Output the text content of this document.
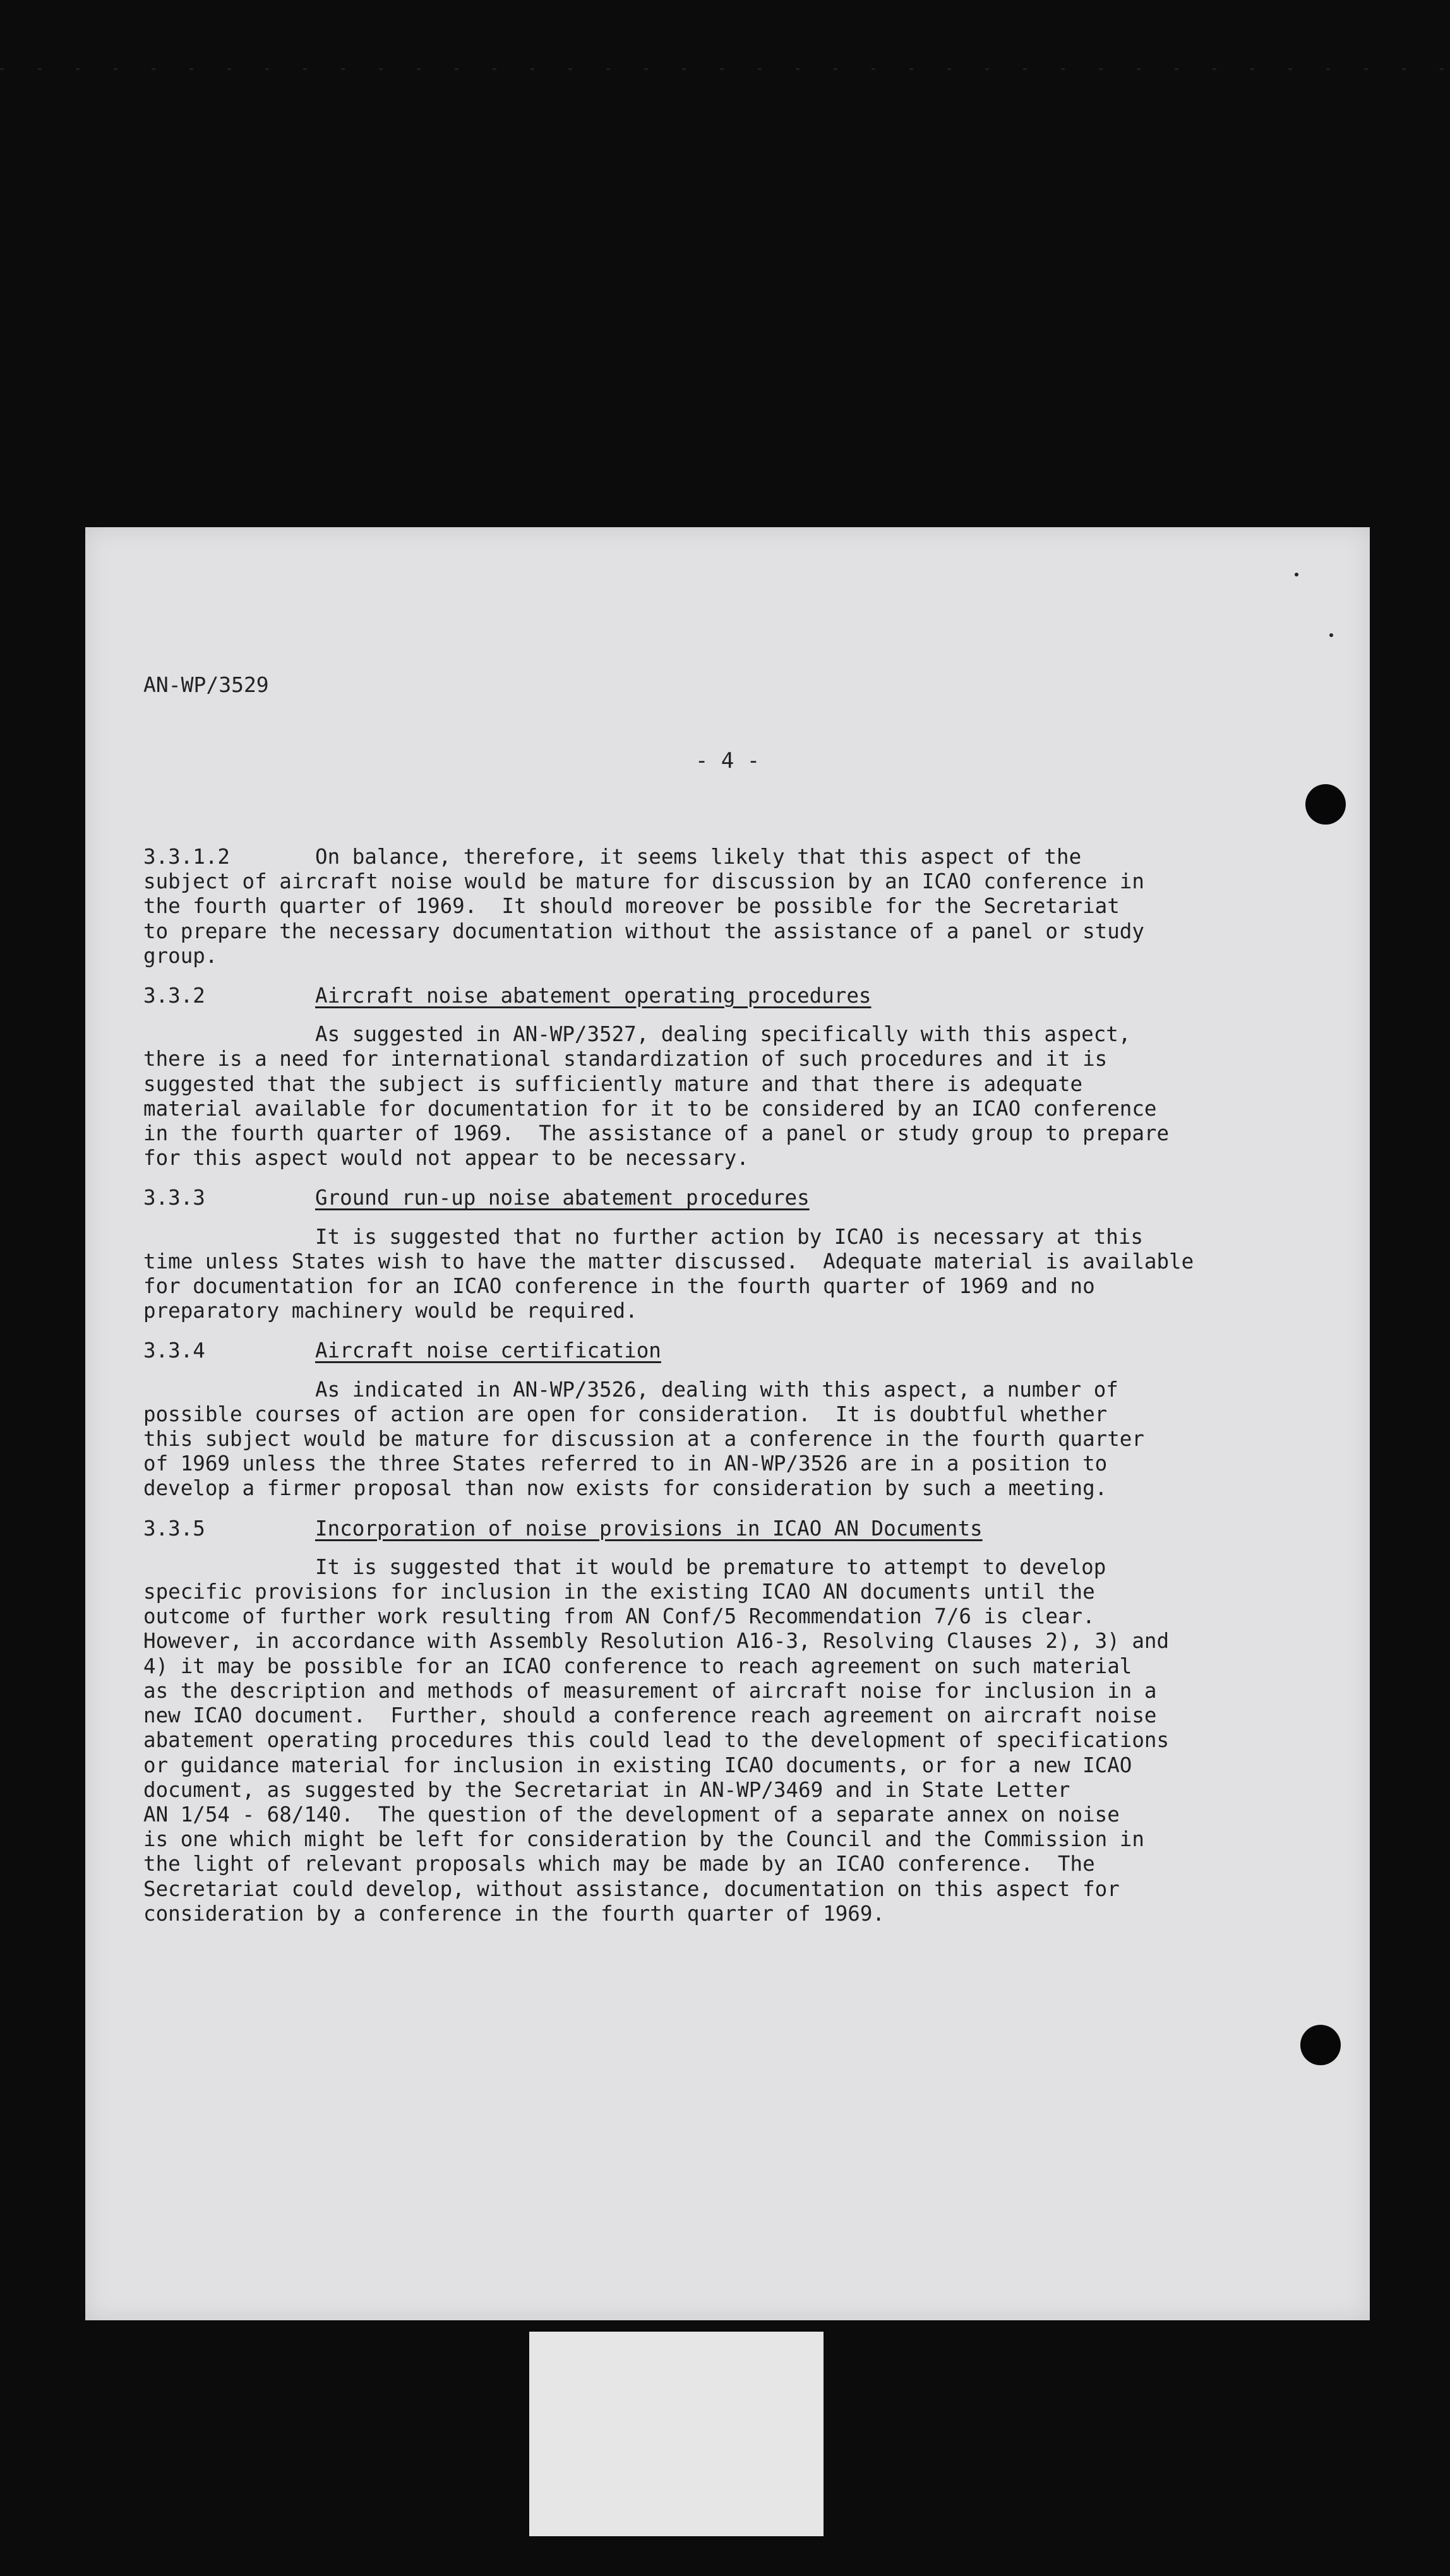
AN-WP/3529
- 4 -
3.3.1.2	On balance, therefore, it seems likely that this aspect of the
subject of aircraft noise would be mature for discussion by an ICAO conference in
the fourth quarter of 1969.  It should moreover be possible for the Secretariat
to prepare the necessary documentation without the assistance of a panel or study
group.
3.3.2	Aircraft noise abatement operating procedures
As suggested in AN-WP/3527, dealing specifically with this aspect,
there is a need for international standardization of such procedures and it is
suggested that the subject is sufficiently mature and that there is adequate
material available for documentation for it to be considered by an ICAO conference
in the fourth quarter of 1969.  The assistance of a panel or study group to prepare
for this aspect would not appear to be necessary.
3.3.3	Ground run-up noise abatement procedures
It is suggested that no further action by ICAO is necessary at this
time unless States wish to have the matter discussed.  Adequate material is available
for documentation for an ICAO conference in the fourth quarter of 1969 and no
preparatory machinery would be required.
3.3.4	Aircraft noise certification
As indicated in AN-WP/3526, dealing with this aspect, a number of
possible courses of action are open for consideration.  It is doubtful whether
this subject would be mature for discussion at a conference in the fourth quarter
of 1969 unless the three States referred to in AN-WP/3526 are in a position to
develop a firmer proposal than now exists for consideration by such a meeting.
3.3.5	Incorporation of noise provisions in ICAO AN Documents
It is suggested that it would be premature to attempt to develop
specific provisions for inclusion in the existing ICAO AN documents until the
outcome of further work resulting from AN Conf/5 Recommendation 7/6 is clear.
However, in accordance with Assembly Resolution A16-3, Resolving Clauses 2), 3) and
4) it may be possible for an ICAO conference to reach agreement on such material
as the description and methods of measurement of aircraft noise for inclusion in a
new ICAO document.  Further, should a conference reach agreement on aircraft noise
abatement operating procedures this could lead to the development of specifications
or guidance material for inclusion in existing ICAO documents, or for a new ICAO
document, as suggested by the Secretariat in AN-WP/3469 and in State Letter
AN 1/54 - 68/140.  The question of the development of a separate annex on noise
is one which might be left for consideration by the Council and the Commission in
the light of relevant proposals which may be made by an ICAO conference.  The
Secretariat could develop, without assistance, documentation on this aspect for
consideration by a conference in the fourth quarter of 1969.
